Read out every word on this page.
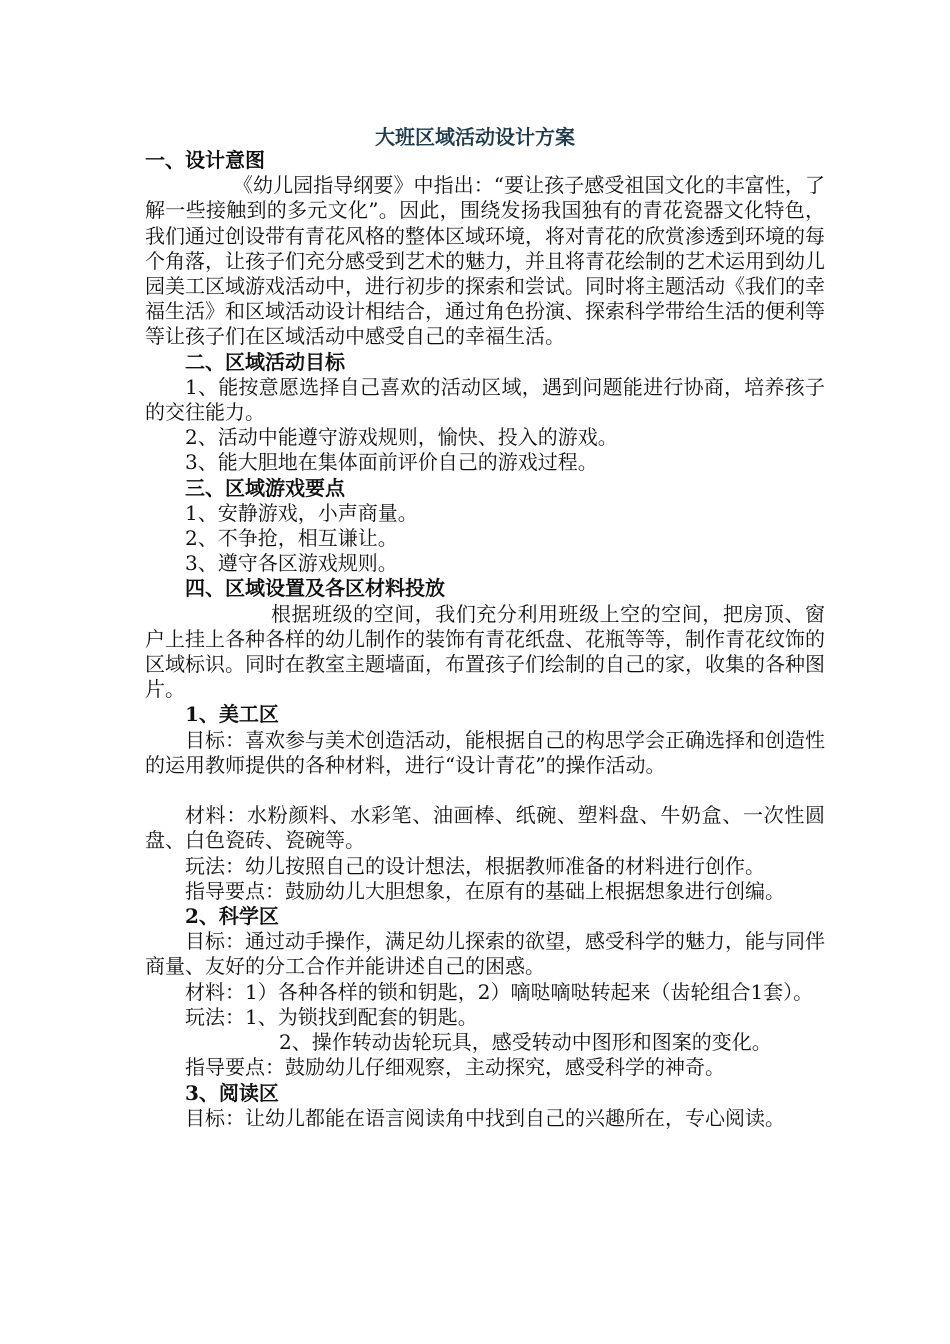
大班区域活动设计方案

一、设计意图

《幼儿园指导纲要》中指出：“要让孩子感受祖国文化的丰富性，了解一些接触到的多元文化”。因此，围绕发扬我国独有的青花瓷器文化特色，我们通过创设带有青花风格的整体区域环境，将对青花的欣赏渗透到环境的每个角落，让孩子们充分感受到艺术的魅力，并且将青花绘制的艺术运用到幼儿园美工区域游戏活动中，进行初步的探索和尝试。同时将主题活动《我们的幸福生活》和区域活动设计相结合，通过角色扮演、探索科学带给生活的便利等等让孩子们在区域活动中感受自己的幸福生活。

二、区域活动目标

1、能按意愿选择自己喜欢的活动区域，遇到问题能进行协商，培养孩子的交往能力。

2、活动中能遵守游戏规则，愉快、投入的游戏。

3、能大胆地在集体面前评价自己的游戏过程。

三、区域游戏要点

1、安静游戏，小声商量。

2、不争抢，相互谦让。

3、遵守各区游戏规则。

四、区域设置及各区材料投放

根据班级的空间，我们充分利用班级上空的空间，把房顶、窗户上挂上各种各样的幼儿制作的装饰有青花纸盘、花瓶等等，制作青花纹饰的区域标识。同时在教室主题墙面，布置孩子们绘制的自己的家，收集的各种图片。

1、美工区

目标：喜欢参与美术创造活动，能根据自己的构思学会正确选择和创造性的运用教师提供的各种材料，进行“设计青花”的操作活动。

材料：水粉颜料、水彩笔、油画棒、纸碗、塑料盘、牛奶盒、一次性圆盘、白色瓷砖、瓷碗等。

玩法：幼儿按照自己的设计想法，根据教师准备的材料进行创作。

指导要点：鼓励幼儿大胆想象，在原有的基础上根据想象进行创编。

2、科学区

目标：通过动手操作，满足幼儿探索的欲望，感受科学的魅力，能与同伴商量、友好的分工合作并能讲述自己的困惑。

材料：1）各种各样的锁和钥匙，2）嘀哒嘀哒转起来（齿轮组合1套）。

玩法：1、为锁找到配套的钥匙。

2、操作转动齿轮玩具，感受转动中图形和图案的变化。

指导要点：鼓励幼儿仔细观察，主动探究，感受科学的神奇。

3、阅读区

目标：让幼儿都能在语言阅读角中找到自己的兴趣所在，专心阅读。
